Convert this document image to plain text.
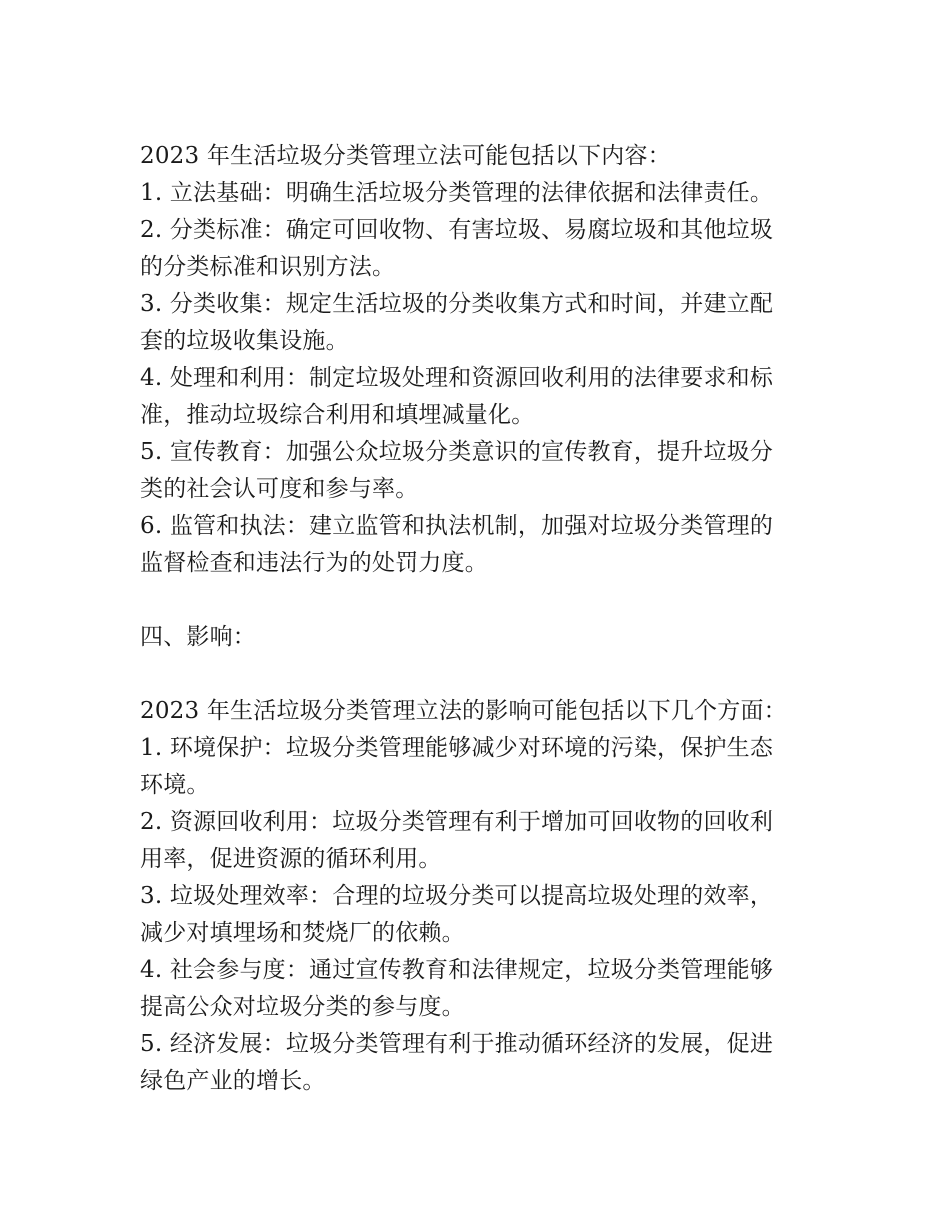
2023 年生活垃圾分类管理立法可能包括以下内容：
1. 立法基础：明确生活垃圾分类管理的法律依据和法律责任。
2. 分类标准：确定可回收物、有害垃圾、易腐垃圾和其他垃圾
的分类标准和识别方法。
3. 分类收集：规定生活垃圾的分类收集方式和时间，并建立配
套的垃圾收集设施。
4. 处理和利用：制定垃圾处理和资源回收利用的法律要求和标
准，推动垃圾综合利用和填埋减量化。
5. 宣传教育：加强公众垃圾分类意识的宣传教育，提升垃圾分
类的社会认可度和参与率。
6. 监管和执法：建立监管和执法机制，加强对垃圾分类管理的
监督检查和违法行为的处罚力度。
四、影响：
2023 年生活垃圾分类管理立法的影响可能包括以下几个方面：
1. 环境保护：垃圾分类管理能够减少对环境的污染，保护生态
环境。
2. 资源回收利用：垃圾分类管理有利于增加可回收物的回收利
用率，促进资源的循环利用。
3. 垃圾处理效率：合理的垃圾分类可以提高垃圾处理的效率，
减少对填埋场和焚烧厂的依赖。
4. 社会参与度：通过宣传教育和法律规定，垃圾分类管理能够
提高公众对垃圾分类的参与度。
5. 经济发展：垃圾分类管理有利于推动循环经济的发展，促进
绿色产业的增长。
